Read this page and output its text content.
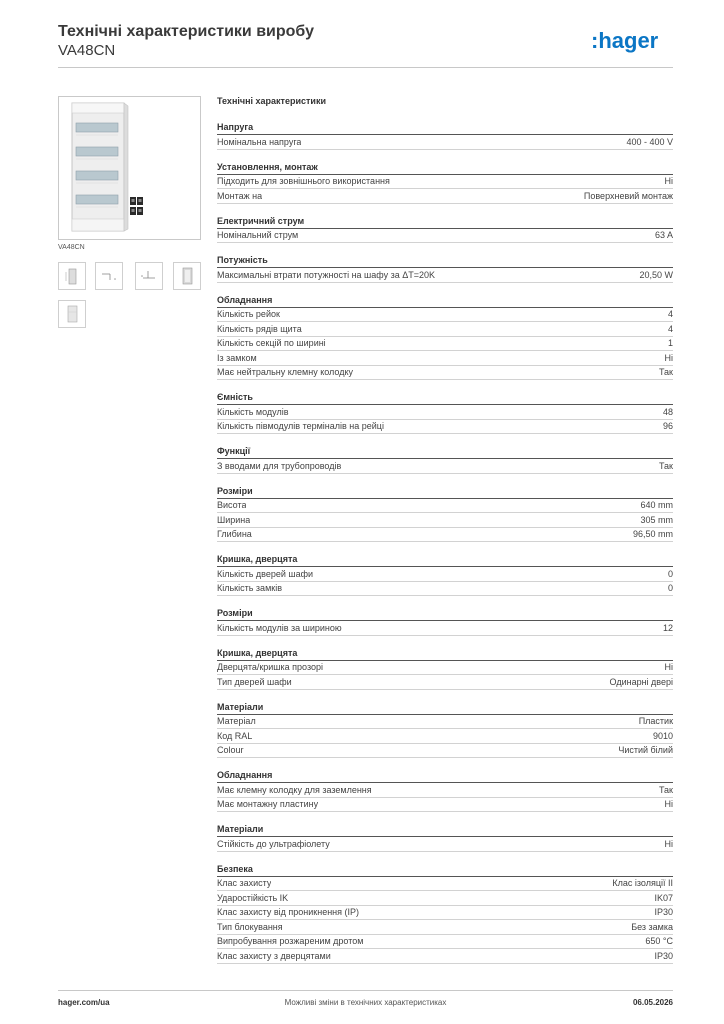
Технічні характеристики виробу
VA48CN	:hager
VA48CN
Технічні характеристики
Напруга
Номінальна напруга	400 - 400 V
Установлення, монтаж
Підходить для зовнішнього використання	Ні
Монтаж на	Поверхневий монтаж
Електричний струм
Номінальний струм	63 A
Потужність
Максимальні втрати потужності на шафу за ΔT=20K	20,50 W
Обладнання
Кількість рейок	4
Кількість рядів щита	4
Кількість секцій по ширині	1
Із замком	Ні
Має нейтральну клемну колодку	Так
Ємність
Кількість модулів	48
Кількість півмодулів терміналів на рейці	96
Функції
З вводами для трубопроводів	Так
Розміри
Висота	640 mm
Ширина	305 mm
Глибина	96,50 mm
Кришка, дверцята
Кількість дверей шафи	0
Кількість замків	0
Розміри
Кількість модулів за шириною	12
Кришка, дверцята
Дверцята/кришка прозорі	Ні
Тип дверей шафи	Одинарні двері
Матеріали
Матеріал	Пластик
Код RAL	9010
Colour	Чистий білий
Обладнання
Має клемну колодку для заземлення	Так
Має монтажну пластину	Ні
Матеріали
Стійкість до ультрафіолету	Ні
Безпека
Клас захисту	Клас ізоляції II
Ударостійкість IK	IK07
Клас захисту від проникнення (IP)	IP30
Тип блокування	Без замка
Випробування розжареним дротом	650 °C
Клас захисту з дверцятами	IP30
Можливі зміни в технічних характеристиках
hager.com/ua	06.05.2026
